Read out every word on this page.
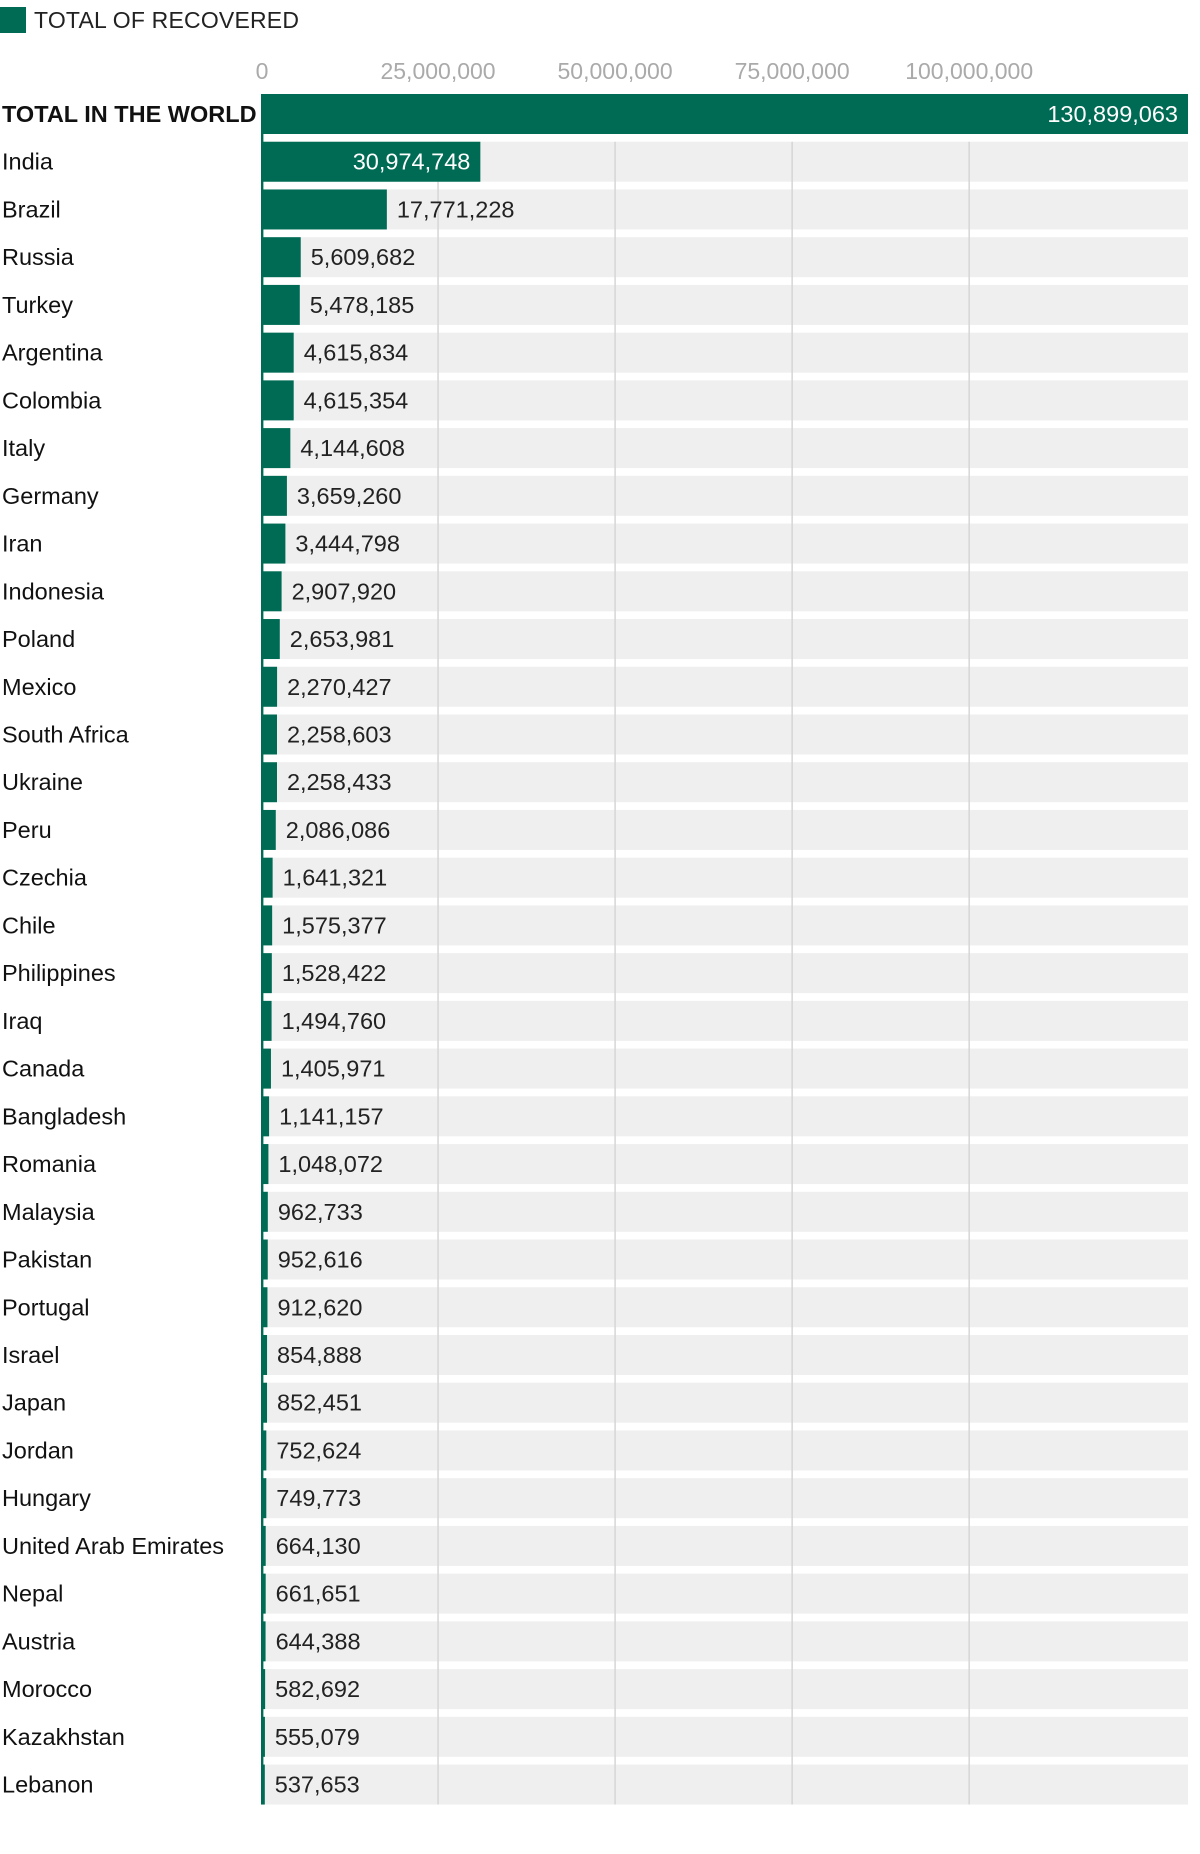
0	25,000,000	50,000,000	75,000,000 100,000,000
TOTAL IN THE WORLD	130,899,063
India	30,974,748
Brazil	17,771,228
Russia	5,609,682
Turkey	5,478,185
Argentina	4,615,834
Colombia	4,615,354
Italy	4,144,608
Germany	3,659,260
Iran	3,444,798
Indonesia	2,907,920
Poland	2,653,981
Mexico	2,270,427
South Africa	2,258,603
Ukraine	2,258,433
Peru	2,086,086
Czechia	1,641,321
Chile	1,575,377
Philippines	1,528,422
Iraq	1,494,760
Canada	1,405,971
Bangladesh	1,141,157
Romania	1,048,072
Malaysia	962,733
Pakistan	952,616
Portugal	912,620
Israel	854,888
Japan	852,451
Jordan	752,624
Hungary	749,773
United Arab Emirates 664,130
Nepal	661,651
Austria	644,388
Morocco	582,692
Kazakhstan	555,079
Lebanon	537,653
TOTAL OF RECOVERED
